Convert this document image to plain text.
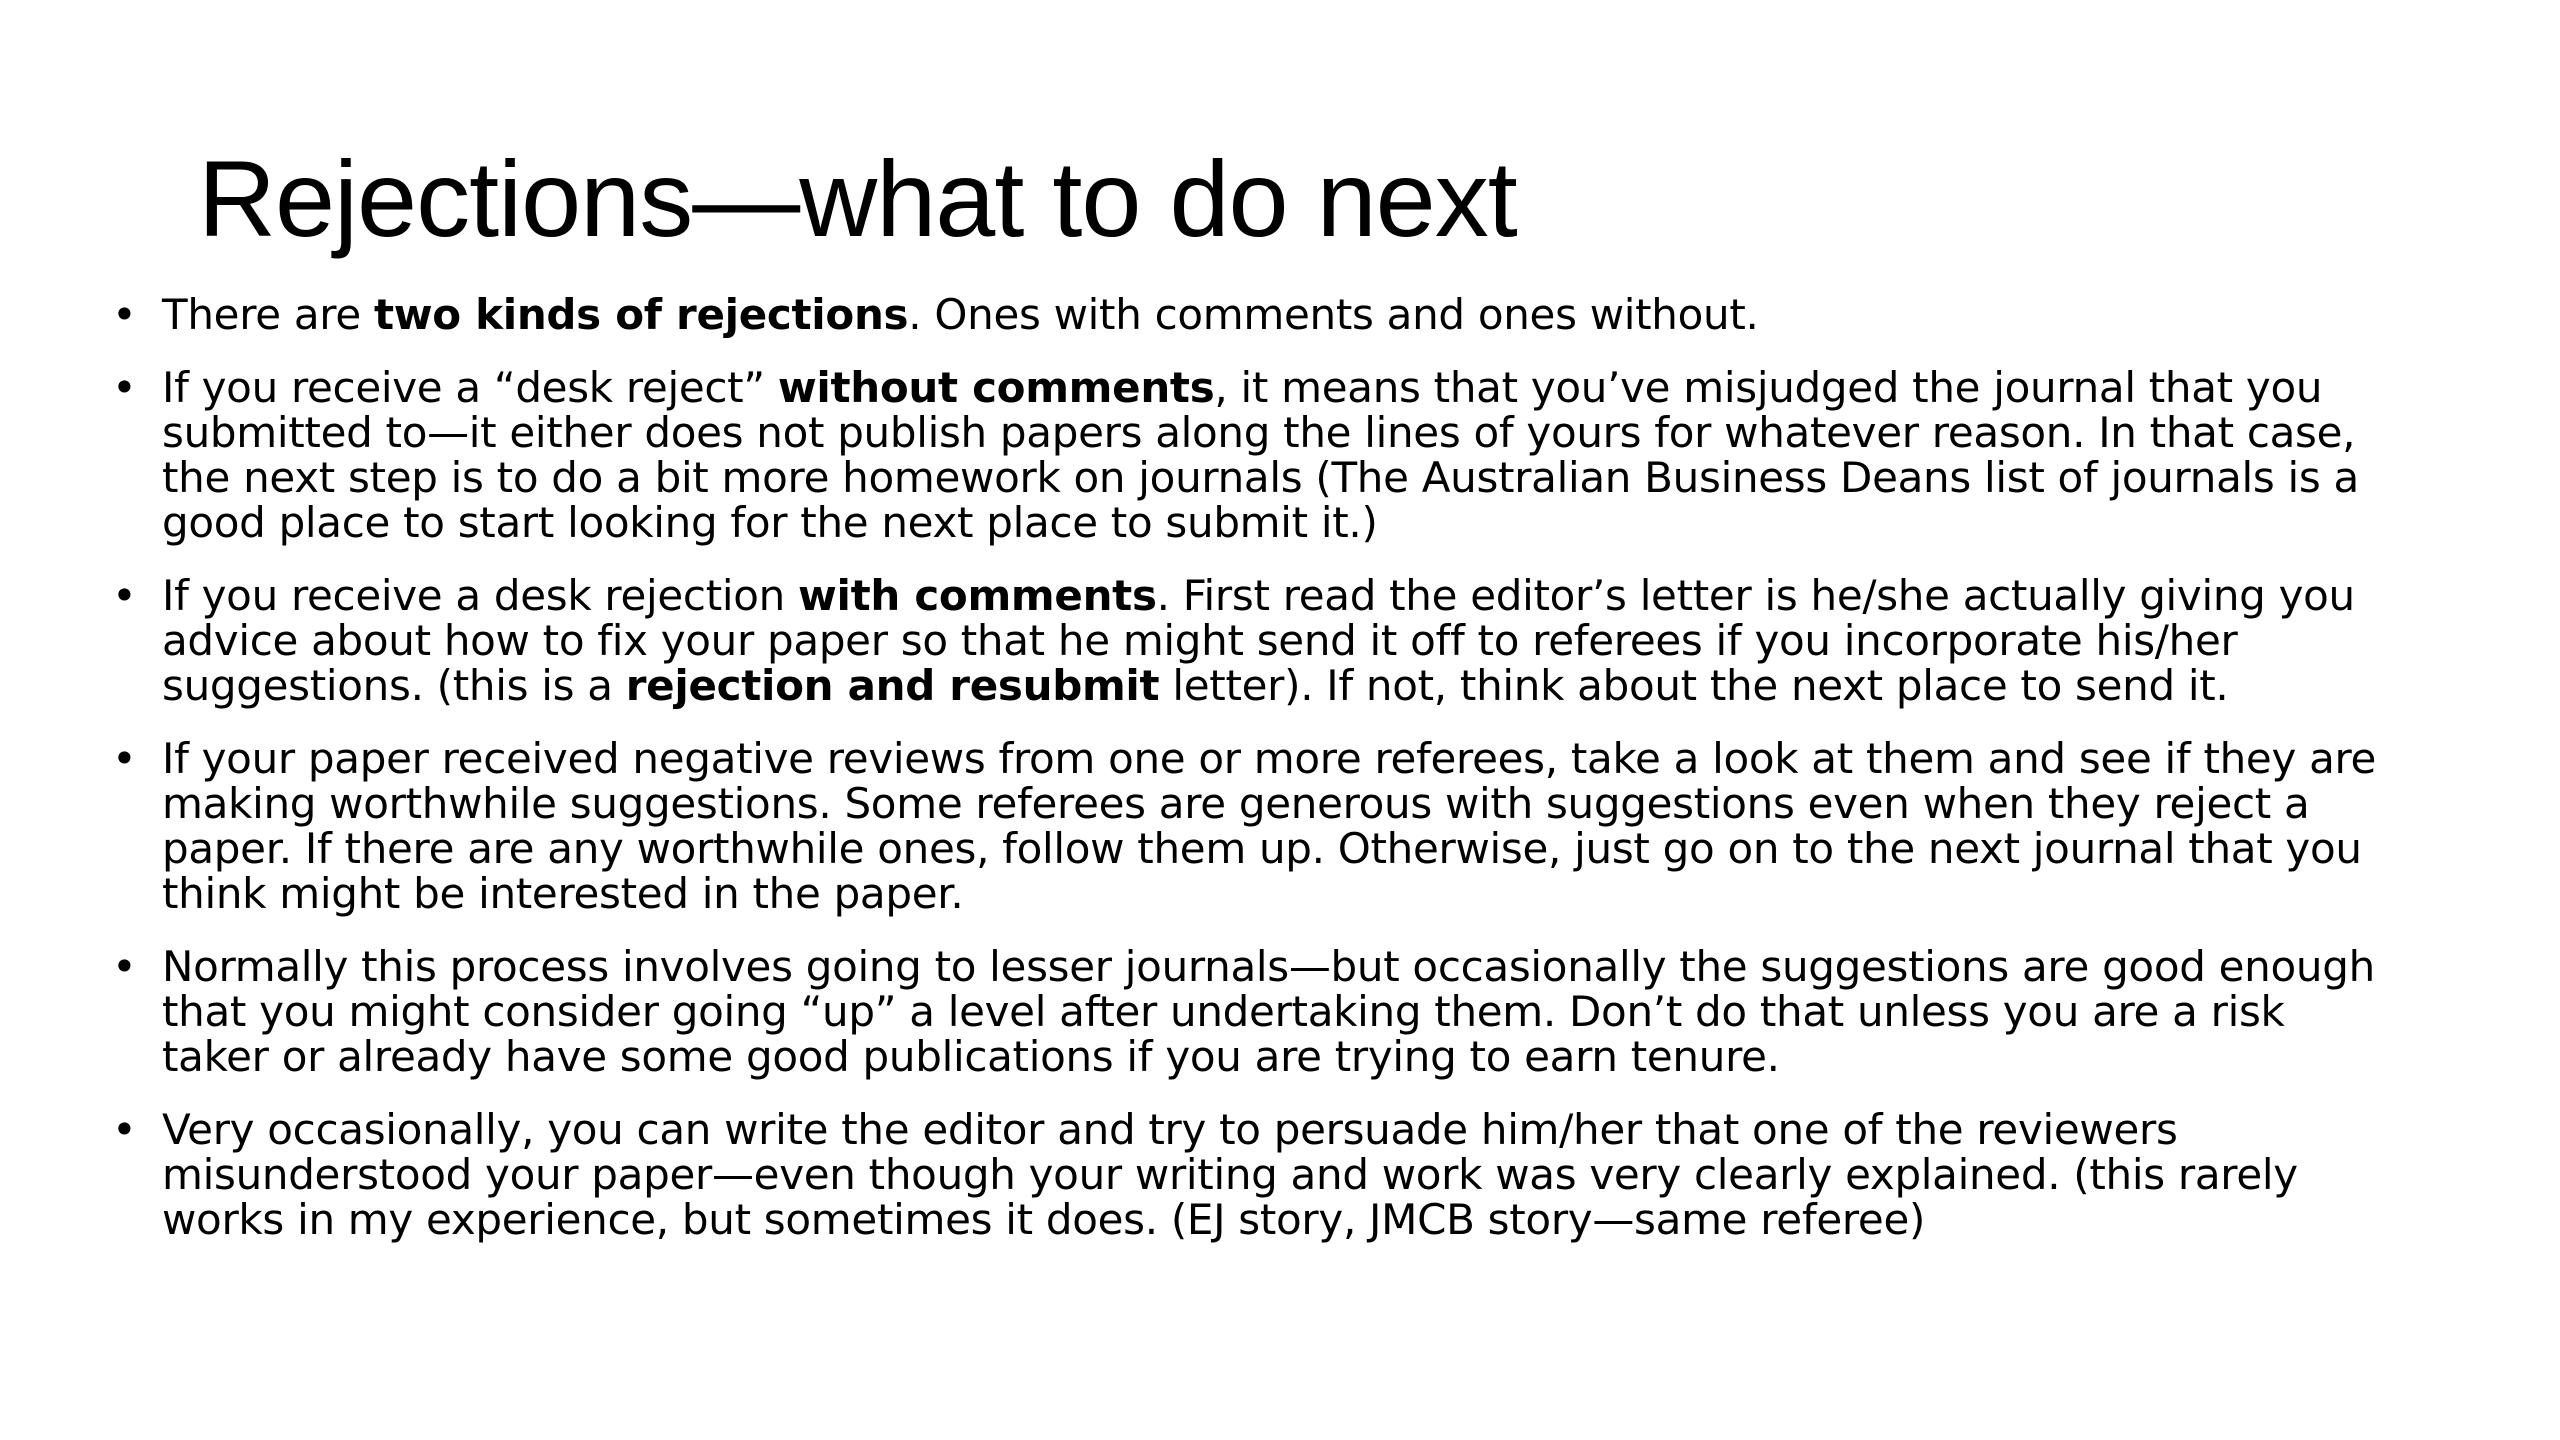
Rejections—what to do next
• There are two kinds of rejections. Ones with comments and ones without.
• If you receive a “desk reject” without comments, it means that you’ve misjudged the journal that you submitted to—it either does not publish papers along the lines of yours for whatever reason. In that case, the next step is to do a bit more homework on journals (The Australian Business Deans list of journals is a good place to start looking for the next place to submit it.)
• If you receive a desk rejection with comments. First read the editor’s letter is he/she actually giving you advice about how to fix your paper so that he might send it off to referees if you incorporate his/her suggestions. (this is a rejection and resubmit letter). If not, think about the next place to send it.
• If your paper received negative reviews from one or more referees, take a look at them and see if they are making worthwhile suggestions. Some referees are generous with suggestions even when they reject a paper. If there are any worthwhile ones, follow them up. Otherwise, just go on to the next journal that you think might be interested in the paper.
• Normally this process involves going to lesser journals—but occasionally the suggestions are good enough that you might consider going “up” a level after undertaking them. Don’t do that unless you are a risk taker or already have some good publications if you are trying to earn tenure.
• Very occasionally, you can write the editor and try to persuade him/her that one of the reviewers misunderstood your paper—even though your writing and work was very clearly explained. (this rarely works in my experience, but sometimes it does. (EJ story, JMCB story—same referee)
